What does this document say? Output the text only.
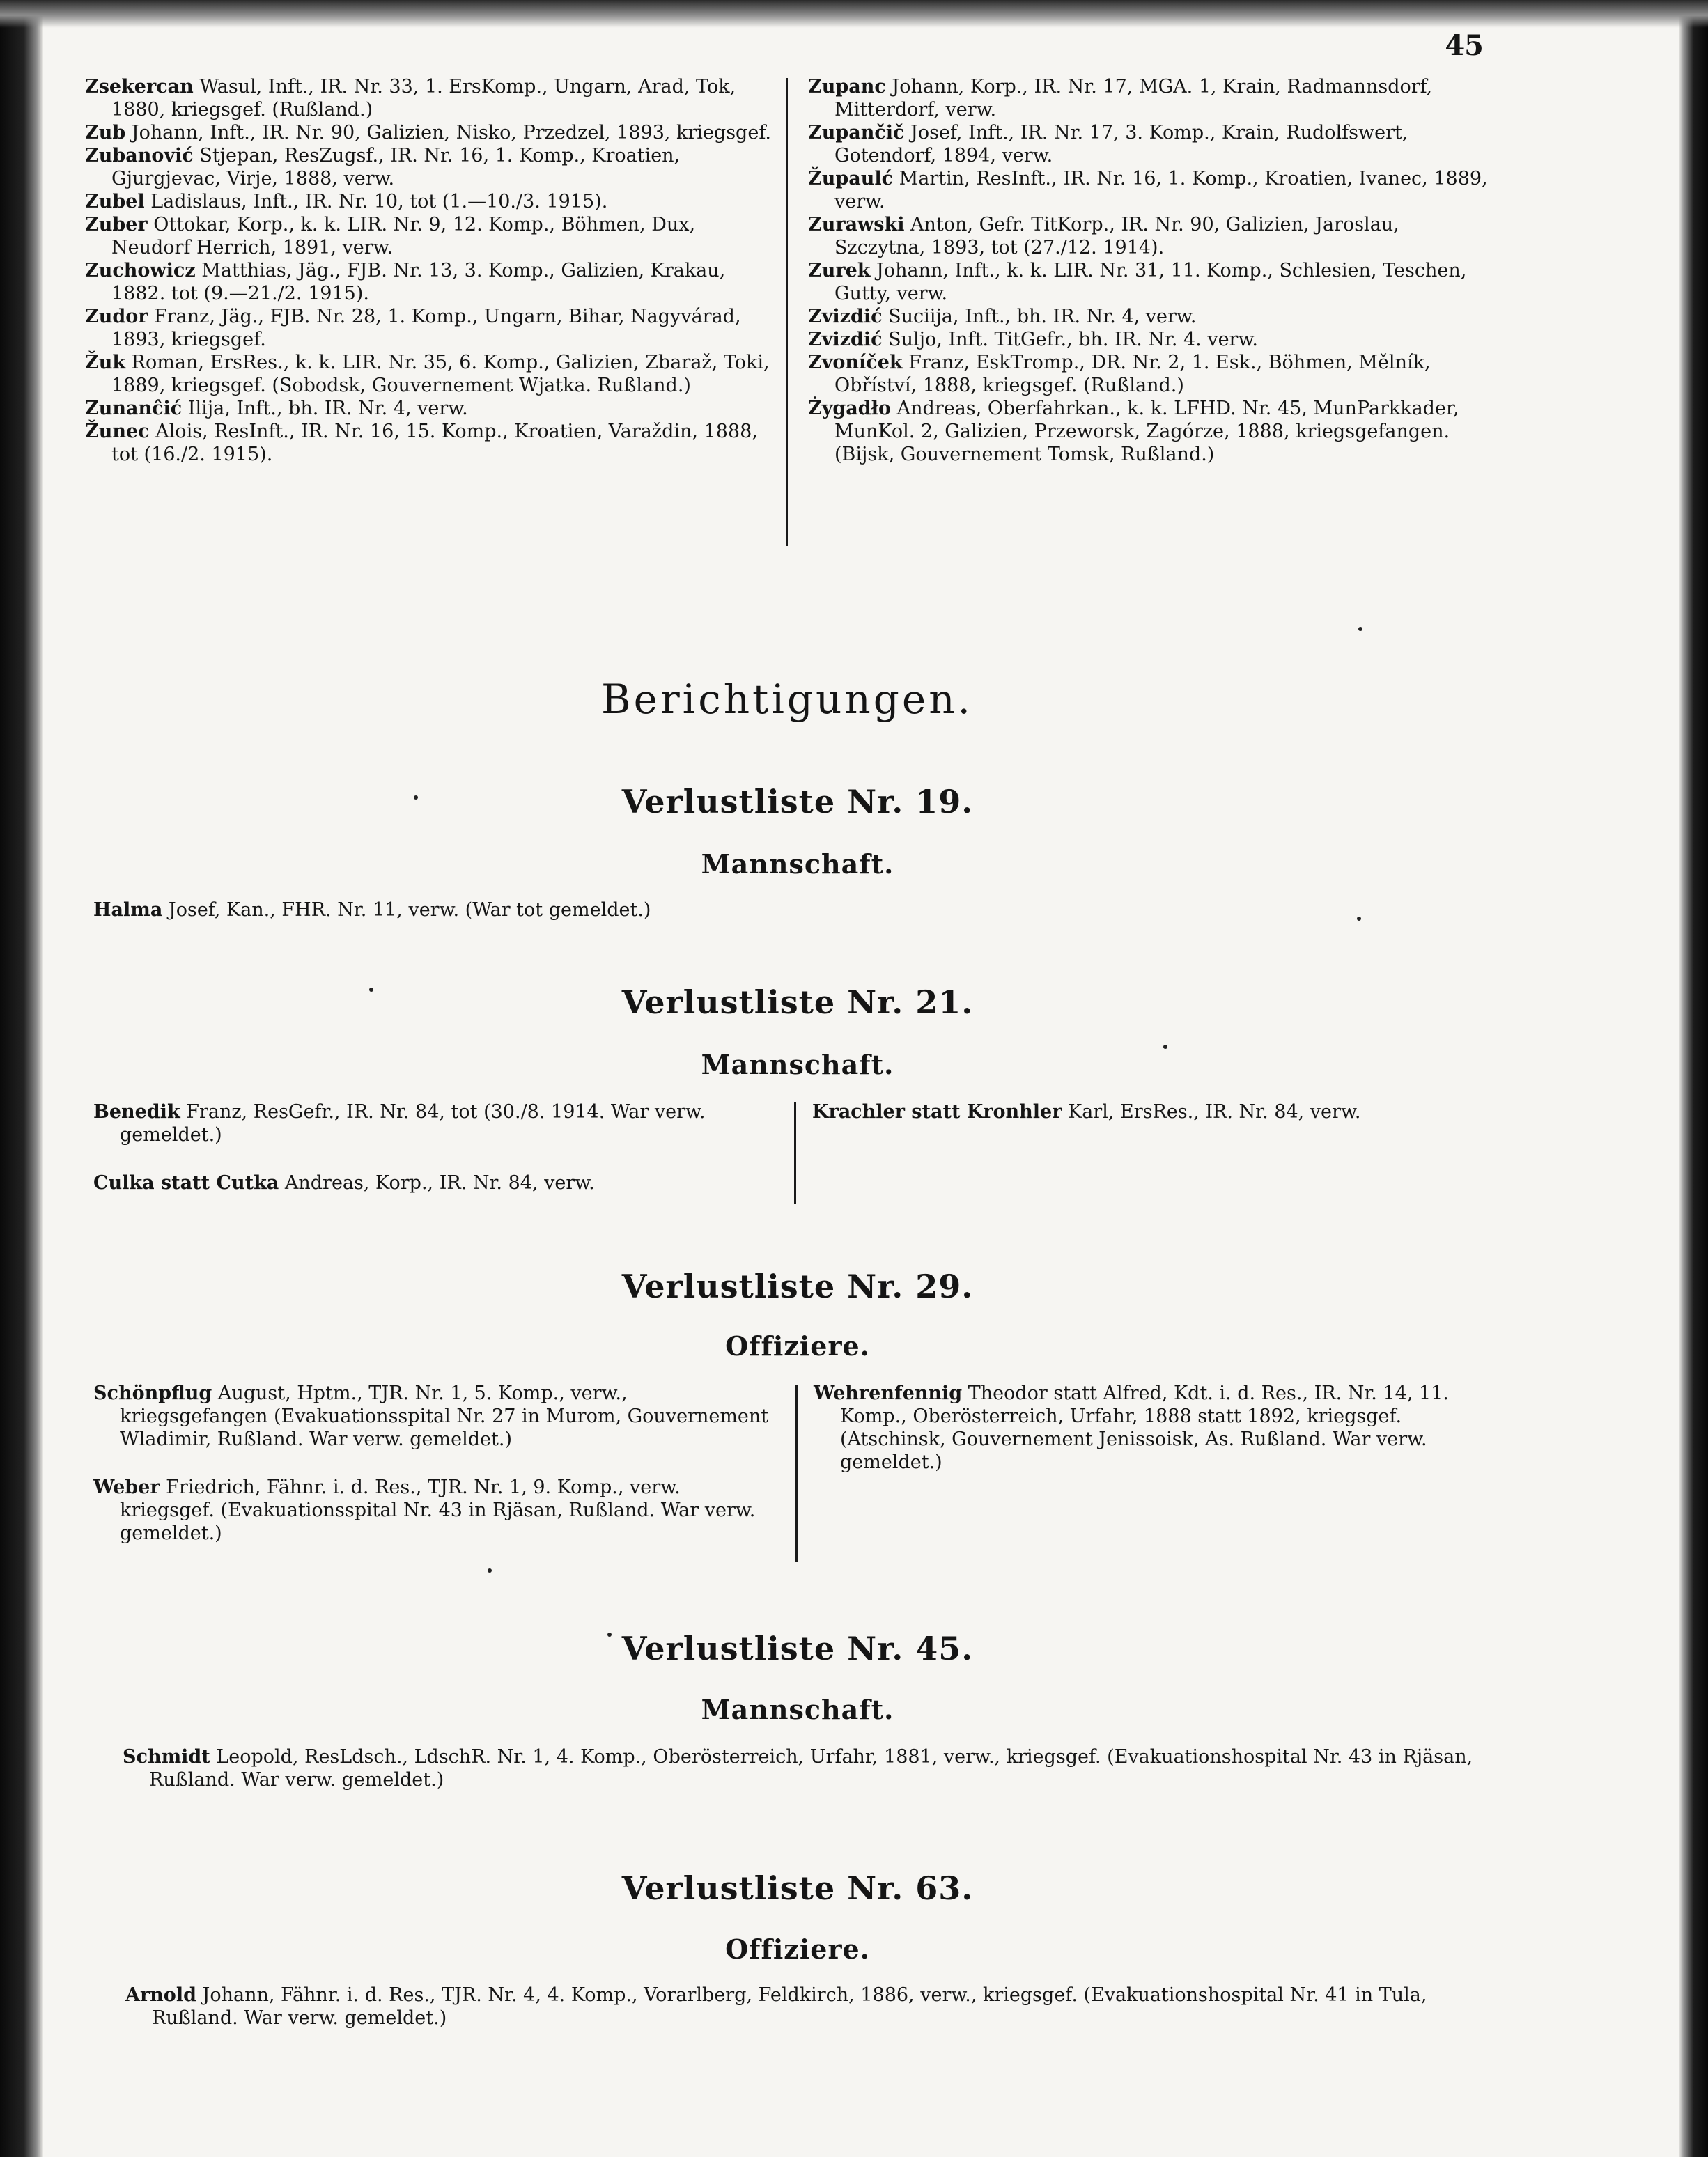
45

Zsekercan Wasul, Inft., IR. Nr. 33, 1. ErsKomp., Ungarn, Arad, Tok, 1880, kriegsgef. (Rußland.)

Zub Johann, Inft., IR. Nr. 90, Galizien, Nisko, Przedzel, 1893, kriegsgef.

Zubanović Stjepan, ResZugsf., IR. Nr. 16, 1. Komp., Kroatien, Gjurgjevac, Virje, 1888, verw.

Zubel Ladislaus, Inft., IR. Nr. 10, tot (1.—10./3. 1915).

Zuber Ottokar, Korp., k. k. LIR. Nr. 9, 12. Komp., Böhmen, Dux, Neudorf Herrich, 1891, verw.

Zuchowicz Matthias, Jäg., FJB. Nr. 13, 3. Komp., Galizien, Krakau, 1882. tot (9.—21./2. 1915).

Zudor Franz, Jäg., FJB. Nr. 28, 1. Komp., Ungarn, Bihar, Nagyvárad, 1893, kriegsgef.

Žuk Roman, ErsRes., k. k. LIR. Nr. 35, 6. Komp., Galizien, Zbaraž, Toki, 1889, kriegsgef. (Sobodsk, Gouvernement Wjatka. Rußland.)

Zunanĉić Ilija, Inft., bh. IR. Nr. 4, verw.

Žunec Alois, ResInft., IR. Nr. 16, 15. Komp., Kroatien, Varaždin, 1888, tot (16./2. 1915).

Zupanc Johann, Korp., IR. Nr. 17, MGA. 1, Krain, Radmannsdorf, Mitterdorf, verw.

Zupančič Josef, Inft., IR. Nr. 17, 3. Komp., Krain, Rudolfswert, Gotendorf, 1894, verw.

Župaulć Martin, ResInft., IR. Nr. 16, 1. Komp., Kroatien, Ivanec, 1889, verw.

Zurawski Anton, Gefr. TitKorp., IR. Nr. 90, Galizien, Jaroslau, Szczytna, 1893, tot (27./12. 1914).

Zurek Johann, Inft., k. k. LIR. Nr. 31, 11. Komp., Schlesien, Teschen, Gutty, verw.

Zvizdić Suciija, Inft., bh. IR. Nr. 4, verw.

Zvizdić Suljo, Inft. TitGefr., bh. IR. Nr. 4. verw.

Zvoníček Franz, EskTromp., DR. Nr. 2, 1. Esk., Böhmen, Mělník, Obříství, 1888, kriegsgef. (Rußland.)

Żygadło Andreas, Oberfahrkan., k. k. LFHD. Nr. 45, MunParkkader, MunKol. 2, Galizien, Przeworsk, Zagórze, 1888, kriegsgefangen. (Bijsk, Gouvernement Tomsk, Rußland.)

Berichtigungen.
Verlustliste Nr. 19.
Mannschaft.

Halma Josef, Kan., FHR. Nr. 11, verw. (War tot gemeldet.)

Verlustliste Nr. 21.
Mannschaft.

Benedik Franz, ResGefr., IR. Nr. 84, tot (30./8. 1914. War verw. gemeldet.)

Culka statt Cutka Andreas, Korp., IR. Nr. 84, verw.

Krachler statt Kronhler Karl, ErsRes., IR. Nr. 84, verw.

Verlustliste Nr. 29.
Offiziere.

Schönpflug August, Hptm., TJR. Nr. 1, 5. Komp., verw., kriegsgefangen (Evakuationsspital Nr. 27 in Murom, Gouvernement Wladimir, Rußland. War verw. gemeldet.)

Weber Friedrich, Fähnr. i. d. Res., TJR. Nr. 1, 9. Komp., verw. kriegsgef. (Evakuationsspital Nr. 43 in Rjäsan, Rußland. War verw. gemeldet.)

Wehrenfennig Theodor statt Alfred, Kdt. i. d. Res., IR. Nr. 14, 11. Komp., Oberösterreich, Urfahr, 1888 statt 1892, kriegsgef. (Atschinsk, Gouvernement Jenissoisk, As. Rußland. War verw. gemeldet.)

Verlustliste Nr. 45.
Mannschaft.

Schmidt Leopold, ResLdsch., LdschR. Nr. 1, 4. Komp., Oberösterreich, Urfahr, 1881, verw., kriegsgef. (Evakuationshospital Nr. 43 in Rjäsan, Rußland. War verw. gemeldet.)

Verlustliste Nr. 63.
Offiziere.

Arnold Johann, Fähnr. i. d. Res., TJR. Nr. 4, 4. Komp., Vorarlberg, Feldkirch, 1886, verw., kriegsgef. (Evakuationshospital Nr. 41 in Tula, Rußland. War verw. gemeldet.)
